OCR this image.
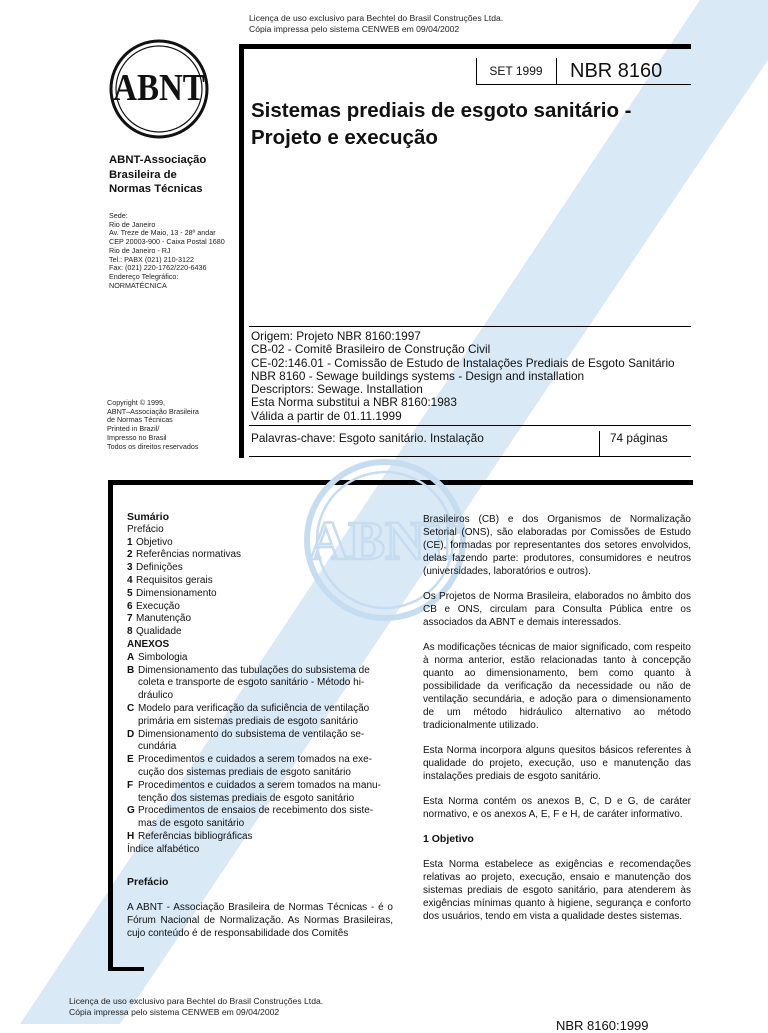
Licença de uso exclusivo para Bechtel do Brasil Construções Ltda.
Cópia impressa pelo sistema CENWEB em 09/04/2002
ABNT
ABNT-Associação
Brasileira de
Normas Técnicas
Sede:
Rio de Janeiro
Av. Treze de Maio, 13 - 28º andar
CEP 20003-900 - Caixa Postal 1680
Rio de Janeiro - RJ
Tel.: PABX (021) 210-3122
Fax: (021) 220-1762/220-6436
Endereço Telegráfico:
NORMATÉCNICA
Copyright © 1999,
ABNT–Associação Brasileira
de Normas Técnicas
Printed in Brazil/
Impresso no Brasil
Todos os direitos reservados
SET 1999	NBR 8160
Sistemas prediais de esgoto sanitário -
Projeto e execução
Origem: Projeto NBR 8160:1997
CB-02 - Comitê Brasileiro de Construção Civil
CE-02:146.01 - Comissão de Estudo de Instalações Prediais de Esgoto Sanitário
NBR 8160 - Sewage buildings systems - Design and installation
Descriptors: Sewage. Installation
Esta Norma substitui a NBR 8160:1983
Válida a partir de 01.11.1999
Palavras-chave: Esgoto sanitário. Instalação	74 páginas
ABNT
Sumário
Prefácio
1 Objetivo
2 Referências normativas
3 Definições
4 Requisitos gerais
5 Dimensionamento
6 Execução
7 Manutenção
8 Qualidade
ANEXOS
A Simbologia
B Dimensionamento das tubulações do subsistema de
coleta e transporte de esgoto sanitário - Método hi-
dráulico
C Modelo para verificação da suficiência de ventilação
primária em sistemas prediais de esgoto sanitário
D Dimensionamento do subsistema de ventilação se-
cundária
E Procedimentos e cuidados a serem tomados na exe-
cução dos sistemas prediais de esgoto sanitário
F Procedimentos e cuidados a serem tomados na manu-
tenção dos sistemas prediais de esgoto sanitário
G Procedimentos de ensaios de recebimento dos siste-
mas de esgoto sanitário
H Referências bibliográficas
Índice alfabético
Prefácio
A ABNT - Associação Brasileira de Normas Técnicas - é o Fórum Nacional de Normalização. As Normas Brasileiras, cujo conteúdo é de responsabilidade dos Comitês

Brasileiros (CB) e dos Organismos de Normalização Setorial (ONS), são elaboradas por Comissões de Estudo (CE), formadas por representantes dos setores envolvidos, delas fazendo parte: produtores, consumidores e neutros (universidades, laboratórios e outros).

Os Projetos de Norma Brasileira, elaborados no âmbito dos CB e ONS, circulam para Consulta Pública entre os associados da ABNT e demais interessados.

As modificações técnicas de maior significado, com respeito à norma anterior, estão relacionadas tanto à concepção quanto ao dimensionamento, bem como quanto à possibilidade da verificação da necessidade ou não de ventilação secundária, e adoção para o dimensionamento de um método hidráulico alternativo ao método tradicionalmente utilizado.

Esta Norma incorpora alguns quesitos básicos referentes à qualidade do projeto, execução, uso e manutenção das instalações prediais de esgoto sanitário.

Esta Norma contém os anexos B, C, D e G, de caráter normativo, e os anexos A, E, F e H, de caráter informativo.

1 Objetivo

Esta Norma estabelece as exigências e recomendações relativas ao projeto, execução, ensaio e manutenção dos sistemas prediais de esgoto sanitário, para atenderem às exigências mínimas quanto à higiene, segurança e conforto dos usuários, tendo em vista a qualidade destes sistemas.

Licença de uso exclusivo para Bechtel do Brasil Construções Ltda.
Cópia impressa pelo sistema CENWEB em 09/04/2002
NBR 8160:1999
